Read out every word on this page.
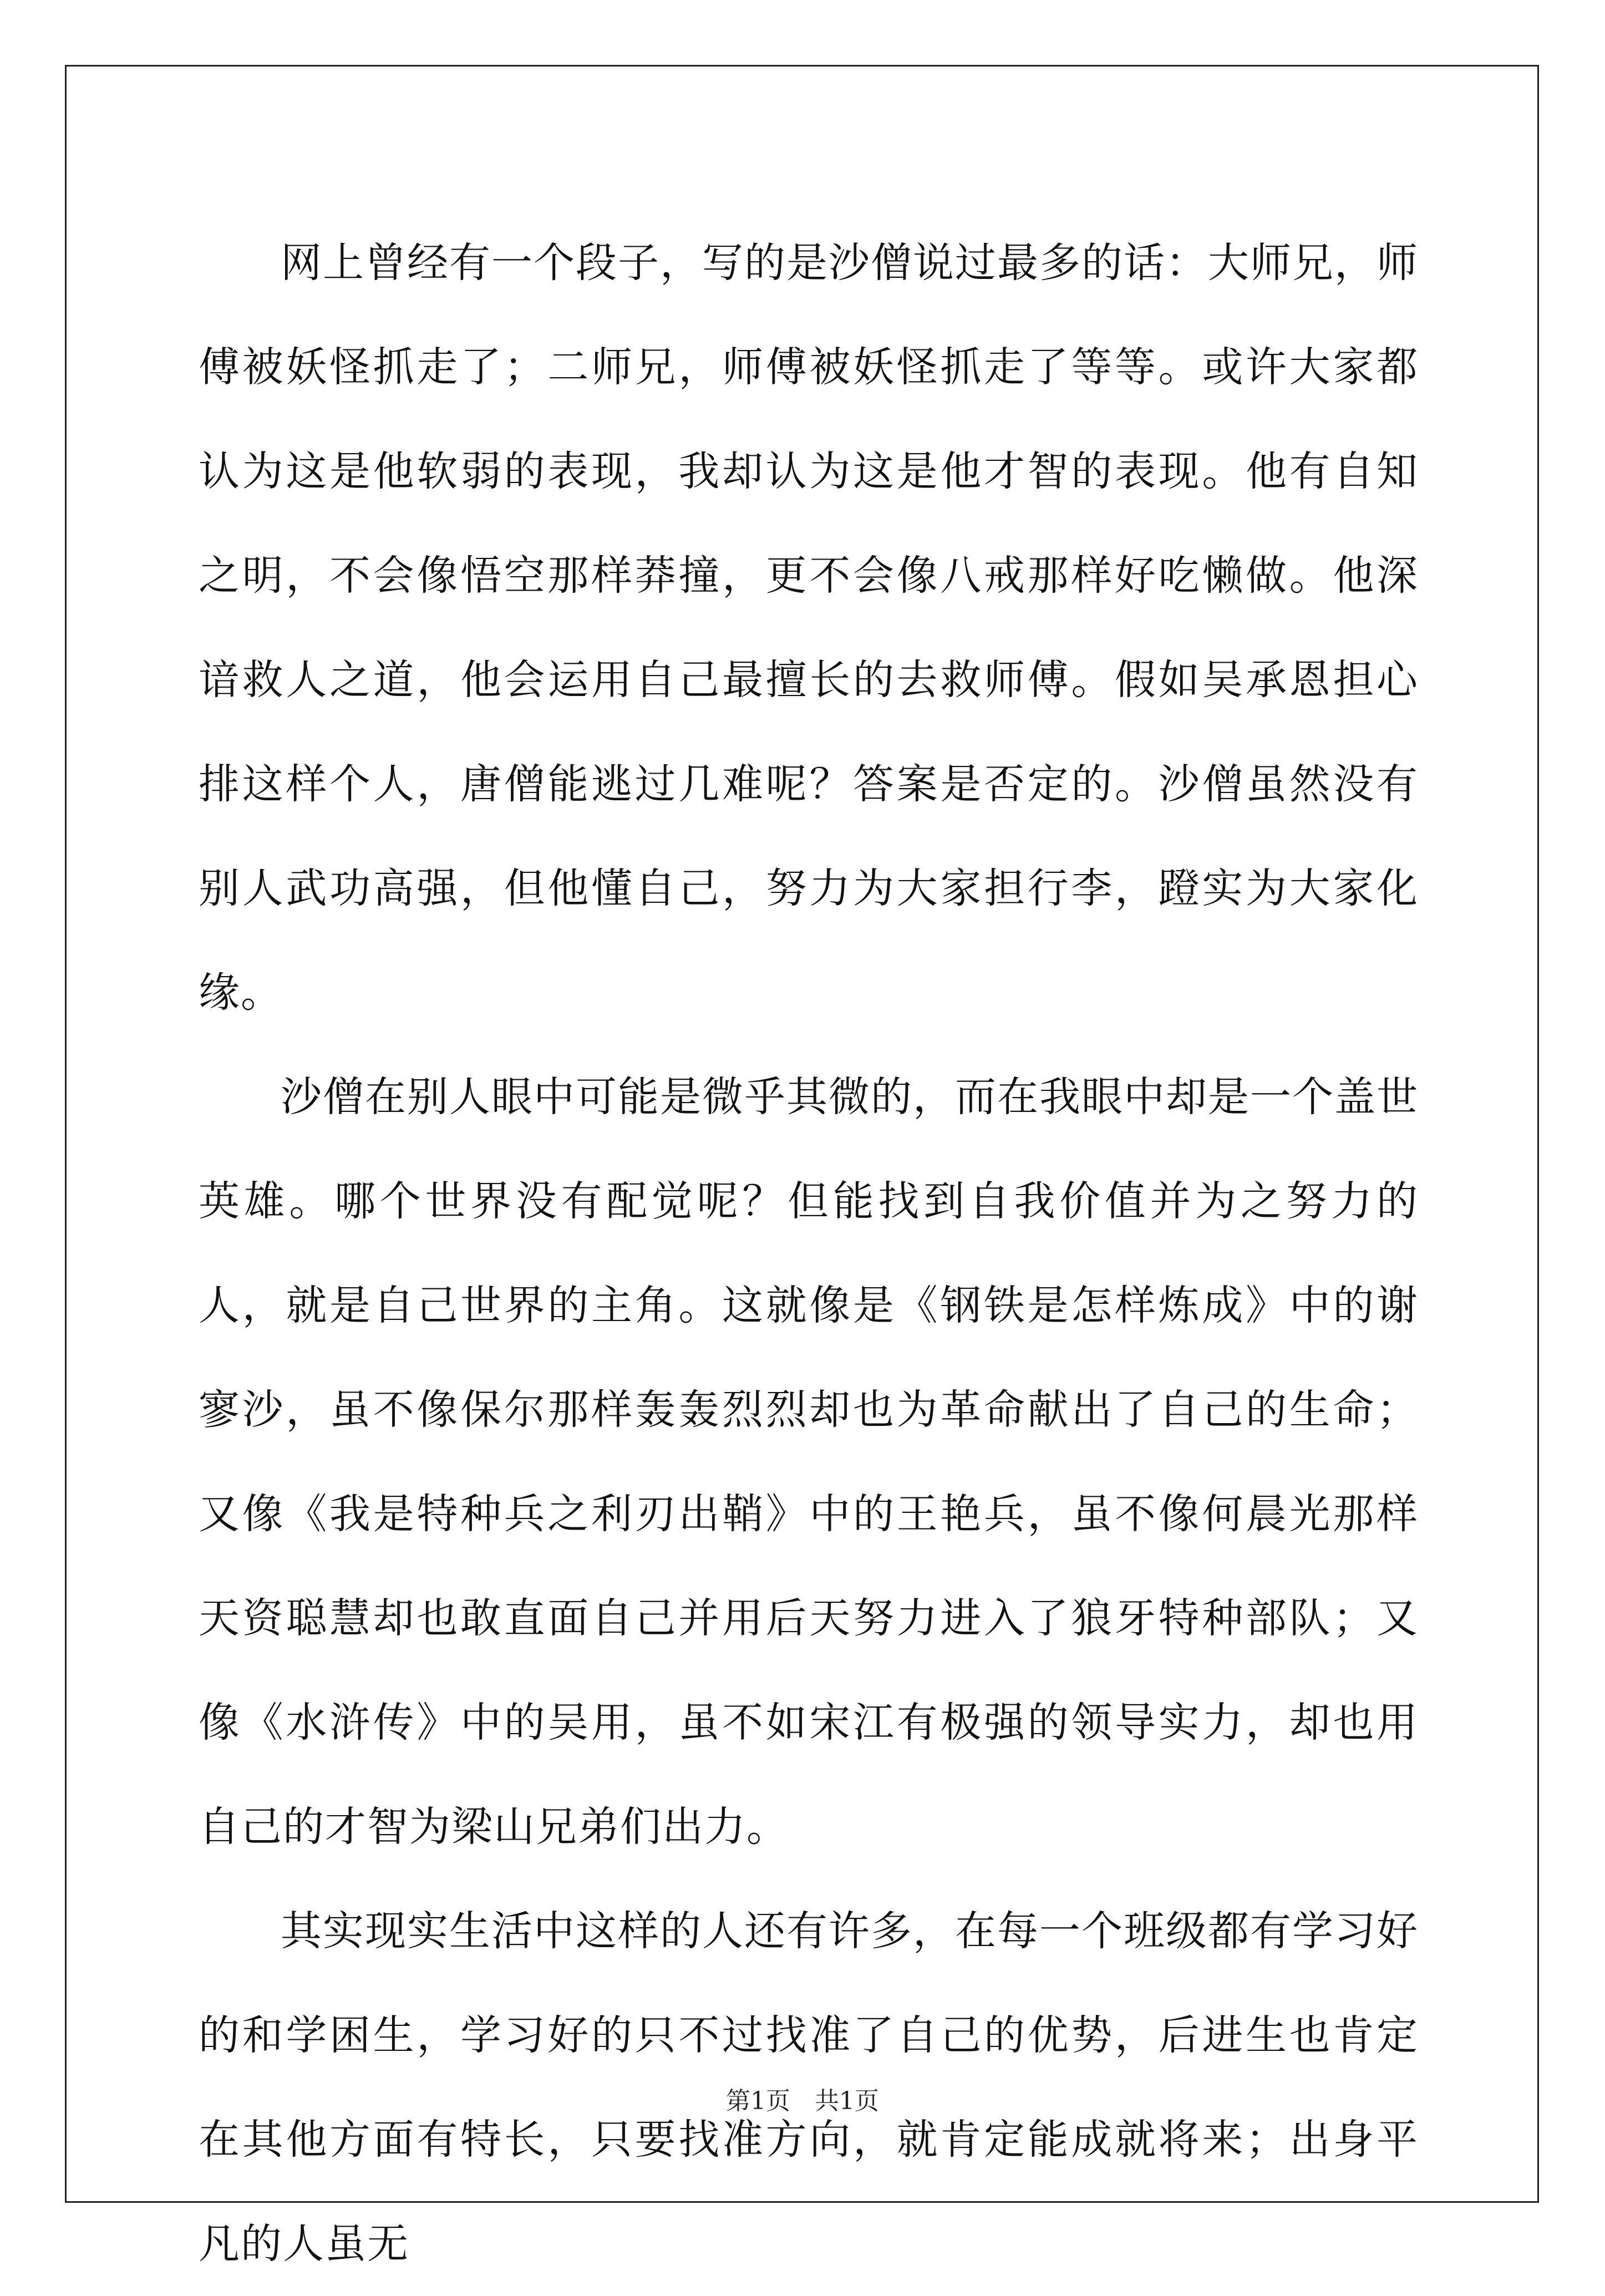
网上曾经有一个段子，写的是沙僧说过最多的话：大师兄，师傅被妖怪抓走了；二师兄，师傅被妖怪抓走了等等。或许大家都认为这是他软弱的表现，我却认为这是他才智的表现。他有自知之明，不会像悟空那样莽撞，更不会像八戒那样好吃懒做。他深谙救人之道，他会运用自己最擅长的去救师傅。假如吴承恩担心排这样个人，唐僧能逃过几难呢？答案是否定的。沙僧虽然没有别人武功高强，但他懂自己，努力为大家担行李，蹬实为大家化缘。

沙僧在别人眼中可能是微乎其微的，而在我眼中却是一个盖世英雄。哪个世界没有配觉呢？但能找到自我价值并为之努力的人，就是自己世界的主角。这就像是《钢铁是怎样炼成》中的谢寥沙，虽不像保尔那样轰轰烈烈却也为革命献出了自己的生命；又像《我是特种兵之利刃出鞘》中的王艳兵，虽不像何晨光那样天资聪慧却也敢直面自己并用后天努力进入了狼牙特种部队；又像《水浒传》中的吴用，虽不如宋江有极强的领导实力，却也用自己的才智为梁山兄弟们出力。

其实现实生活中这样的人还有许多，在每一个班级都有学习好的和学困生，学习好的只不过找准了自己的优势，后进生也肯定在其他方面有特长，只要找准方向，就肯定能成就将来；出身平凡的人虽无

第1页　共1页
